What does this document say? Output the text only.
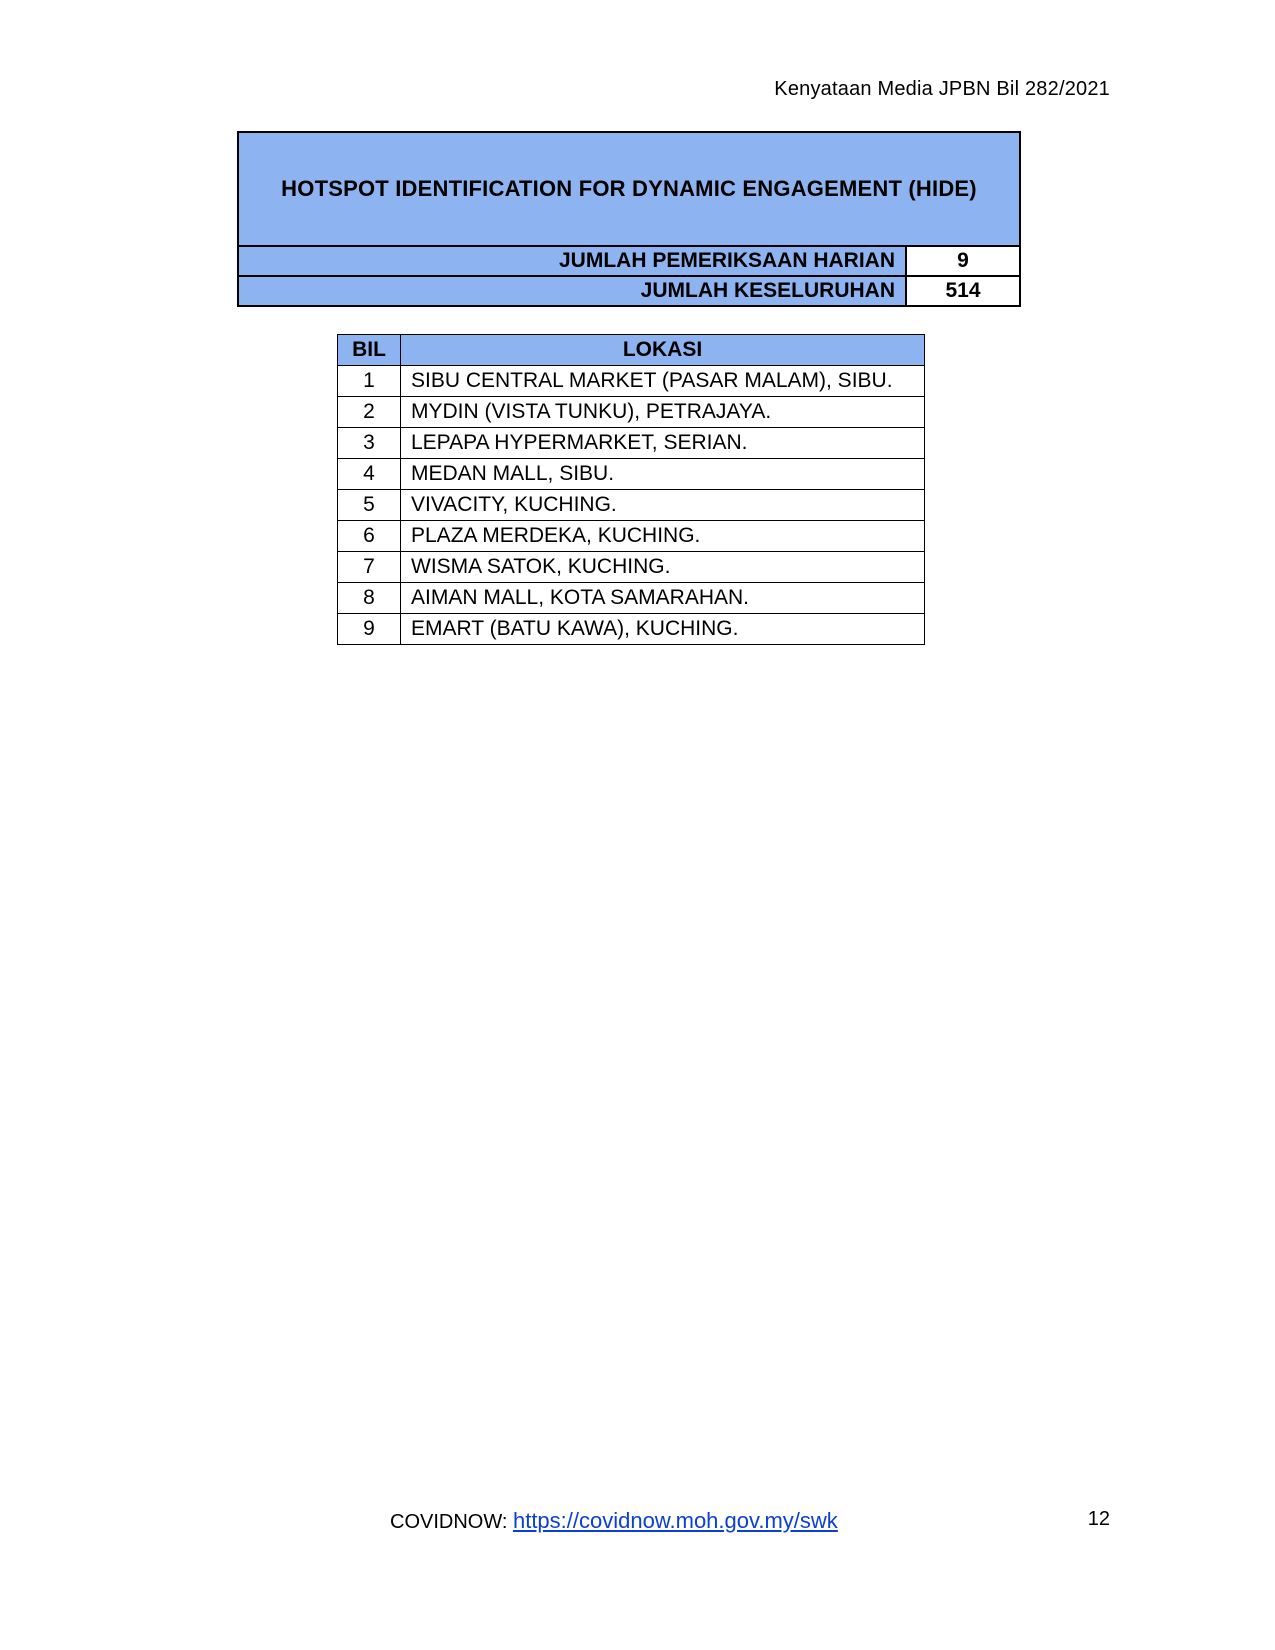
Kenyataan Media JPBN Bil 282/2021
HOTSPOT IDENTIFICATION FOR DYNAMIC ENGAGEMENT (HIDE)
JUMLAH PEMERIKSAAN HARIAN	9
JUMLAH KESELURUHAN	514
BIL	LOKASI
1	SIBU CENTRAL MARKET (PASAR MALAM), SIBU.
2	MYDIN (VISTA TUNKU), PETRAJAYA.
3	LEPAPA HYPERMARKET, SERIAN.
4	MEDAN MALL, SIBU.
5	VIVACITY, KUCHING.
6	PLAZA MERDEKA, KUCHING.
7	WISMA SATOK, KUCHING.
8	AIMAN MALL, KOTA SAMARAHAN.
9	EMART (BATU KAWA), KUCHING.
COVIDNOW: https://covidnow.moh.gov.my/swk	12
